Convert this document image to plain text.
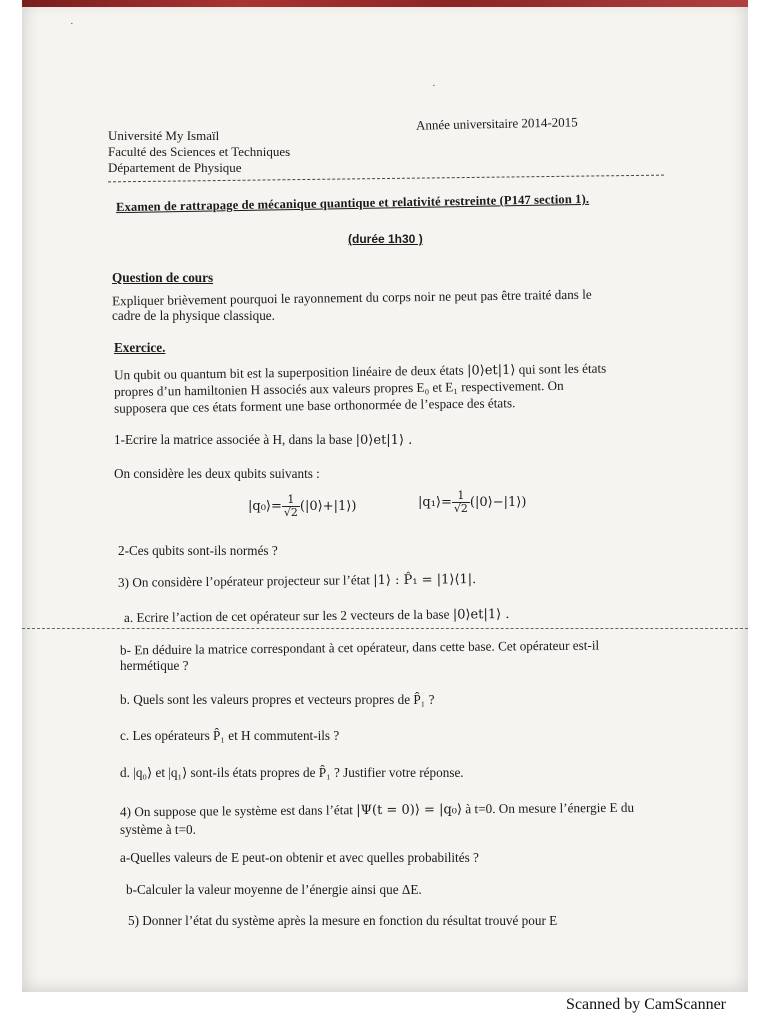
Université My Ismaïl
Faculté des Sciences et Techniques
Département de Physique
Année universitaire 2014-2015
Examen de rattrapage de mécanique quantique et relativité restreinte (P147 section 1).
(durée 1h30 )
Question de cours
Expliquer brièvement pourquoi le rayonnement du corps noir ne peut pas être traité dans le
cadre de la physique classique.
Exercice.
Un qubit ou quantum bit est la superposition linéaire de deux états |0⟩et|1⟩ qui sont les états
propres d’un hamiltonien H associés aux valeurs propres E₀ et E₁ respectivement. On
supposera que ces états forment une base orthonormée de l’espace des états.
1-Ecrire la matrice associée à H, dans la base |0⟩et|1⟩ .
On considère les deux qubits suivants :
|q₀⟩= $\frac{1}{√2}$ (|0⟩+|1⟩)	|q₁⟩= $\frac{1}{√2}$ (|0⟩−|1⟩)
2-Ces qubits sont-ils normés ?
3) On considère l’opérateur projecteur sur l’état |1⟩ : P̂₁ = |1⟩⟨1|.
a. Ecrire l’action de cet opérateur sur les 2 vecteurs de la base |0⟩et|1⟩ .
b- En déduire la matrice correspondant à cet opérateur, dans cette base. Cet opérateur est-il
hermétique ?
b. Quels sont les valeurs propres et vecteurs propres de P̂₁ ?
c. Les opérateurs P̂₁ et H commutent-ils ?
d. |q₀⟩ et |q₁⟩ sont-ils états propres de P̂₁ ? Justifier votre réponse.
4) On suppose que le système est dans l’état |Ψ(t = 0)⟩ = |q₀⟩ à t=0. On mesure l’énergie E du
système à t=0.
a-Quelles valeurs de E peut-on obtenir et avec quelles probabilités ?
b-Calculer la valeur moyenne de l’énergie ainsi que ΔE.
5) Donner l’état du système après la mesure en fonction du résultat trouvé pour E
·
·
Scanned by CamScanner
